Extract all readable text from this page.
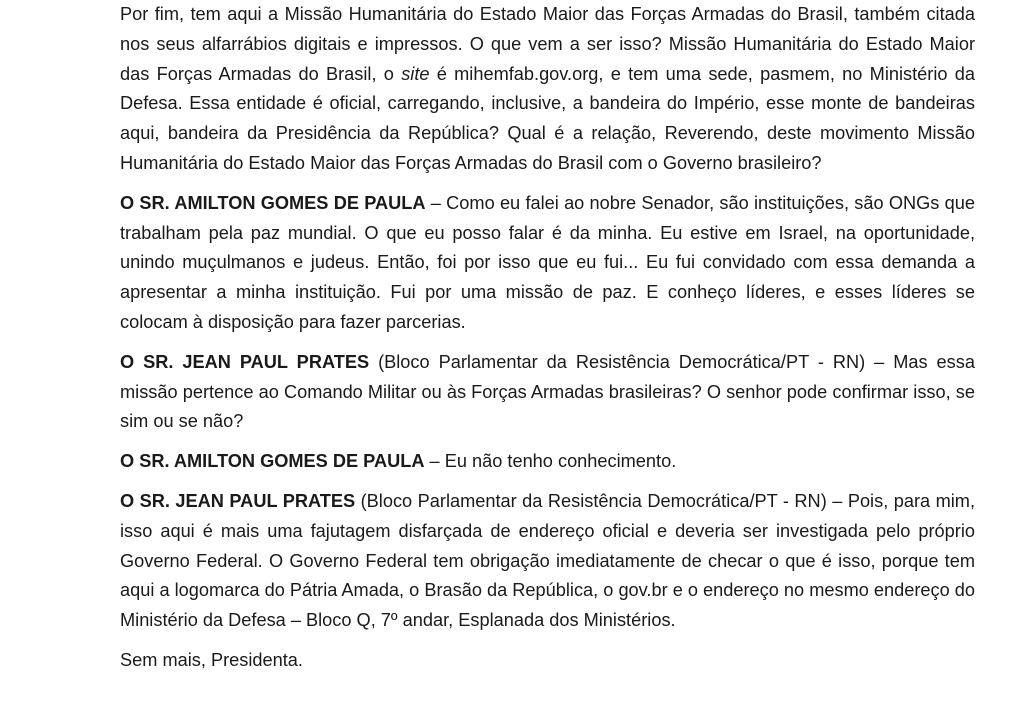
Por fim, tem aqui a Missão Humanitária do Estado Maior das Forças Armadas do Brasil, também citada nos seus alfarrábios digitais e impressos. O que vem a ser isso? Missão Humanitária do Estado Maior das Forças Armadas do Brasil, o site é mihemfab.gov.org, e tem uma sede, pasmem, no Ministério da Defesa. Essa entidade é oficial, carregando, inclusive, a bandeira do Império, esse monte de bandeiras aqui, bandeira da Presidência da República? Qual é a relação, Reverendo, deste movimento Missão Humanitária do Estado Maior das Forças Armadas do Brasil com o Governo brasileiro?

O SR. AMILTON GOMES DE PAULA – Como eu falei ao nobre Senador, são instituições, são ONGs que trabalham pela paz mundial. O que eu posso falar é da minha. Eu estive em Israel, na oportunidade, unindo muçulmanos e judeus. Então, foi por isso que eu fui... Eu fui convidado com essa demanda a apresentar a minha instituição. Fui por uma missão de paz. E conheço líderes, e esses líderes se colocam à disposição para fazer parcerias.

O SR. JEAN PAUL PRATES (Bloco Parlamentar da Resistência Democrática/PT - RN) – Mas essa missão pertence ao Comando Militar ou às Forças Armadas brasileiras? O senhor pode confirmar isso, se sim ou se não?

O SR. AMILTON GOMES DE PAULA – Eu não tenho conhecimento.

O SR. JEAN PAUL PRATES (Bloco Parlamentar da Resistência Democrática/PT - RN) – Pois, para mim, isso aqui é mais uma fajutagem disfarçada de endereço oficial e deveria ser investigada pelo próprio Governo Federal. O Governo Federal tem obrigação imediatamente de checar o que é isso, porque tem aqui a logomarca do Pátria Amada, o Brasão da República, o gov.br e o endereço no mesmo endereço do Ministério da Defesa – Bloco Q, 7º andar, Esplanada dos Ministérios.

Sem mais, Presidenta.
